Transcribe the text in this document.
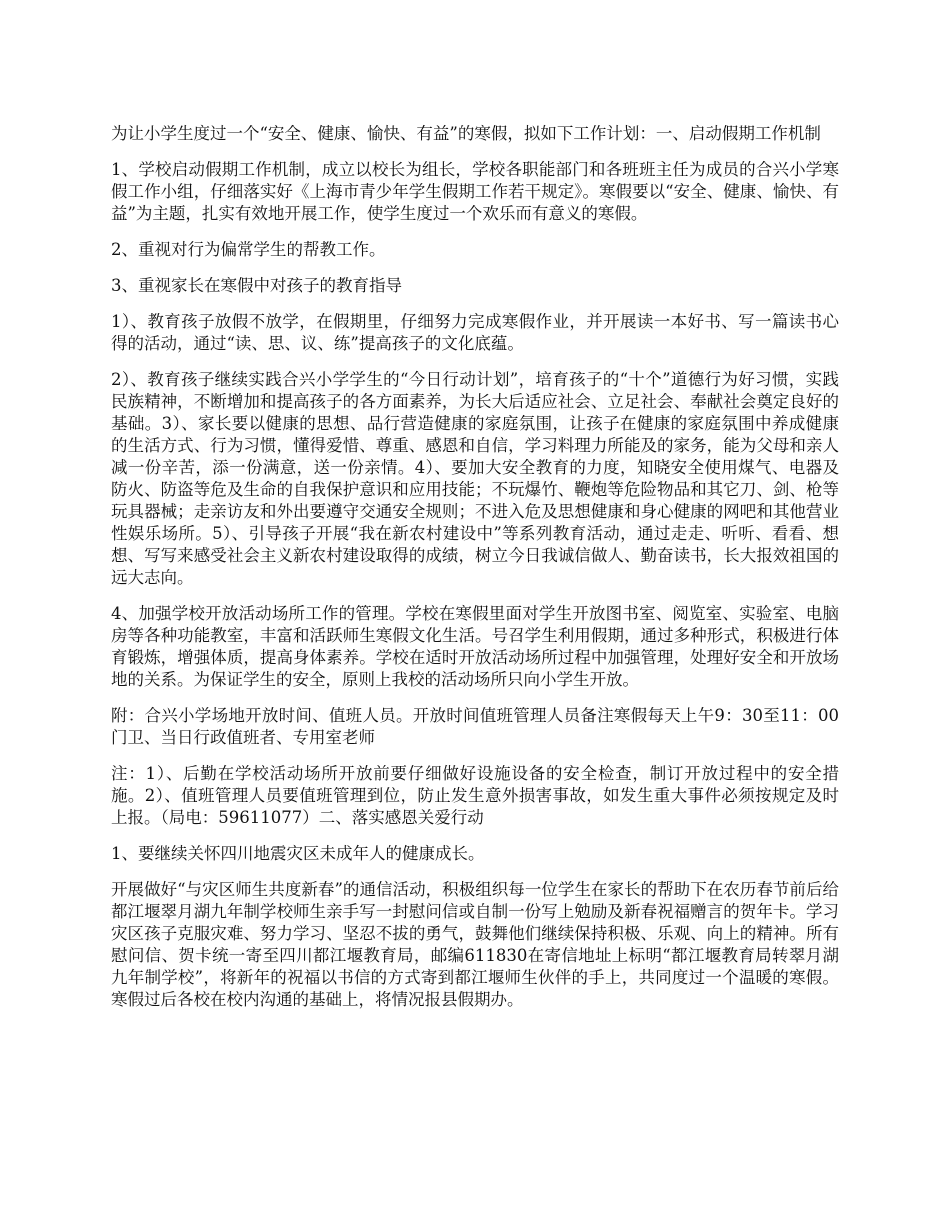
为让小学生度过一个“安全、健康、愉快、有益”的寒假，拟如下工作计划：一、启动假期工作机制

1、学校启动假期工作机制，成立以校长为组长，学校各职能部门和各班班主任为成员的合兴小学寒假工作小组，仔细落实好《上海市青少年学生假期工作若干规定》。寒假要以“安全、健康、愉快、有益”为主题，扎实有效地开展工作，使学生度过一个欢乐而有意义的寒假。

2、重视对行为偏常学生的帮教工作。

3、重视家长在寒假中对孩子的教育指导

1）、教育孩子放假不放学，在假期里，仔细努力完成寒假作业，并开展读一本好书、写一篇读书心得的活动，通过“读、思、议、练”提高孩子的文化底蕴。

2）、教育孩子继续实践合兴小学学生的“今日行动计划”，培育孩子的“十个”道德行为好习惯，实践民族精神，不断增加和提高孩子的各方面素养，为长大后适应社会、立足社会、奉献社会奠定良好的基础。3）、家长要以健康的思想、品行营造健康的家庭氛围，让孩子在健康的家庭氛围中养成健康的生活方式、行为习惯，懂得爱惜、尊重、感恩和自信，学习料理力所能及的家务，能为父母和亲人减一份辛苦，添一份满意，送一份亲情。4）、要加大安全教育的力度，知晓安全使用煤气、电器及防火、防盗等危及生命的自我保护意识和应用技能；不玩爆竹、鞭炮等危险物品和其它刀、剑、枪等玩具器械；走亲访友和外出要遵守交通安全规则；不进入危及思想健康和身心健康的网吧和其他营业性娱乐场所。5）、引导孩子开展“我在新农村建设中”等系列教育活动，通过走走、听听、看看、想想、写写来感受社会主义新农村建设取得的成绩，树立今日我诚信做人、勤奋读书，长大报效祖国的远大志向。

4、加强学校开放活动场所工作的管理。学校在寒假里面对学生开放图书室、阅览室、实验室、电脑房等各种功能教室，丰富和活跃师生寒假文化生活。号召学生利用假期，通过多种形式，积极进行体育锻炼，增强体质，提高身体素养。学校在适时开放活动场所过程中加强管理，处理好安全和开放场地的关系。为保证学生的安全，原则上我校的活动场所只向小学生开放。

附：合兴小学场地开放时间、值班人员。开放时间值班管理人员备注寒假每天上午9：30至11：00门卫、当日行政值班者、专用室老师

注：1）、后勤在学校活动场所开放前要仔细做好设施设备的安全检查，制订开放过程中的安全措施。2）、值班管理人员要值班管理到位，防止发生意外损害事故，如发生重大事件必须按规定及时上报。（局电：59611077）二、落实感恩关爱行动

1、要继续关怀四川地震灾区未成年人的健康成长。

开展做好“与灾区师生共度新春”的通信活动，积极组织每一位学生在家长的帮助下在农历春节前后给都江堰翠月湖九年制学校师生亲手写一封慰问信或自制一份写上勉励及新春祝福赠言的贺年卡。学习灾区孩子克服灾难、努力学习、坚忍不拔的勇气，鼓舞他们继续保持积极、乐观、向上的精神。所有慰问信、贺卡统一寄至四川都江堰教育局，邮编611830在寄信地址上标明“都江堰教育局转翠月湖九年制学校”，将新年的祝福以书信的方式寄到都江堰师生伙伴的手上，共同度过一个温暖的寒假。寒假过后各校在校内沟通的基础上，将情况报县假期办。
